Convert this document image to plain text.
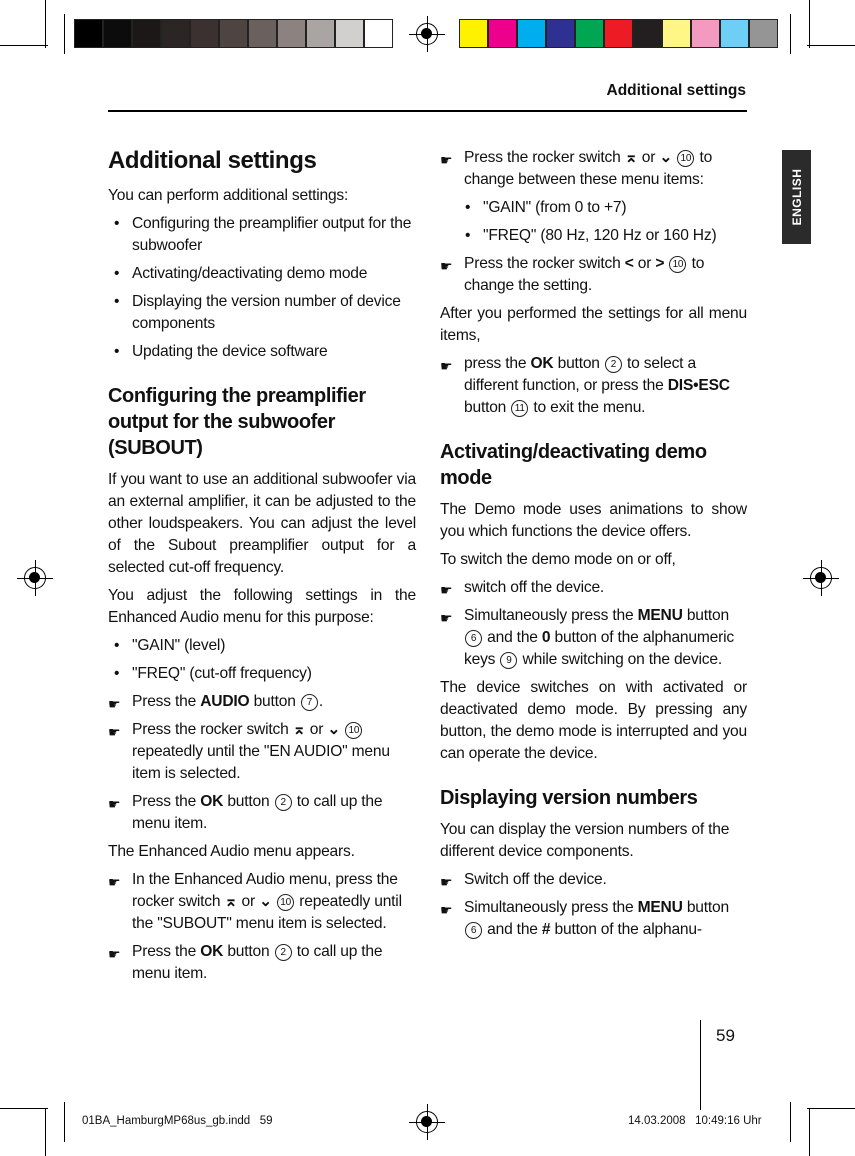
Additional settings
ENGLISH
Additional settings

You can perform additional settings:

• Configuring the preamplifier output for the subwoofer
• Activating/deactivating demo mode
• Displaying the version number of device components
• Updating the device software
Configuring the preamplifier output for the subwoofer (SUBOUT)

If you want to use an additional subwoofer via an external amplifier, it can be adjusted to the other loudspeakers. You can adjust the level of the Subout preamplifier output for a selected cut-off frequency.

You adjust the following settings in the Enhanced Audio menu for this purpose:

• "GAIN" (level)
• "FREQ" (cut-off frequency)
☛ Press the AUDIO button 7 .
☛ Press the rocker switch ⌅ or ⌄ 10 repeatedly until the "EN AUDIO" menu item is selected.
☛ Press the OK button 2 to call up the menu item.

The Enhanced Audio menu appears.

☛ In the Enhanced Audio menu, press the rocker switch ⌅ or ⌄ 10 repeatedly until the "SUBOUT" menu item is selected.
☛ Press the OK button 2 to call up the menu item.
☛ Press the rocker switch ⌅ or ⌄ 10 to change between these menu items:
• "GAIN" (from 0 to +7)
• "FREQ" (80 Hz, 120 Hz or 160 Hz)
☛ Press the rocker switch < or > 10 to change the setting.

After you performed the settings for all menu items,

☛ press the OK button 2 to select a different function, or press the DIS•ESC button 11 to exit the menu.
Activating/deactivating demo mode

The Demo mode uses animations to show you which functions the device offers.

To switch the demo mode on or off,

☛ switch off the device.
☛ Simultaneously press the MENU button 6 and the 0 button of the alphanumeric keys 9 while switching on the device.

The device switches on with activated or deactivated demo mode. By pressing any button, the demo mode is interrupted and you can operate the device.

Displaying version numbers

You can display the version numbers of the different device components.

☛ Switch off the device.
☛ Simultaneously press the MENU button 6 and the # button of the alphanu-
59
01BA_HamburgMP68us_gb.indd   59	14.03.2008   10:49:16 Uhr
